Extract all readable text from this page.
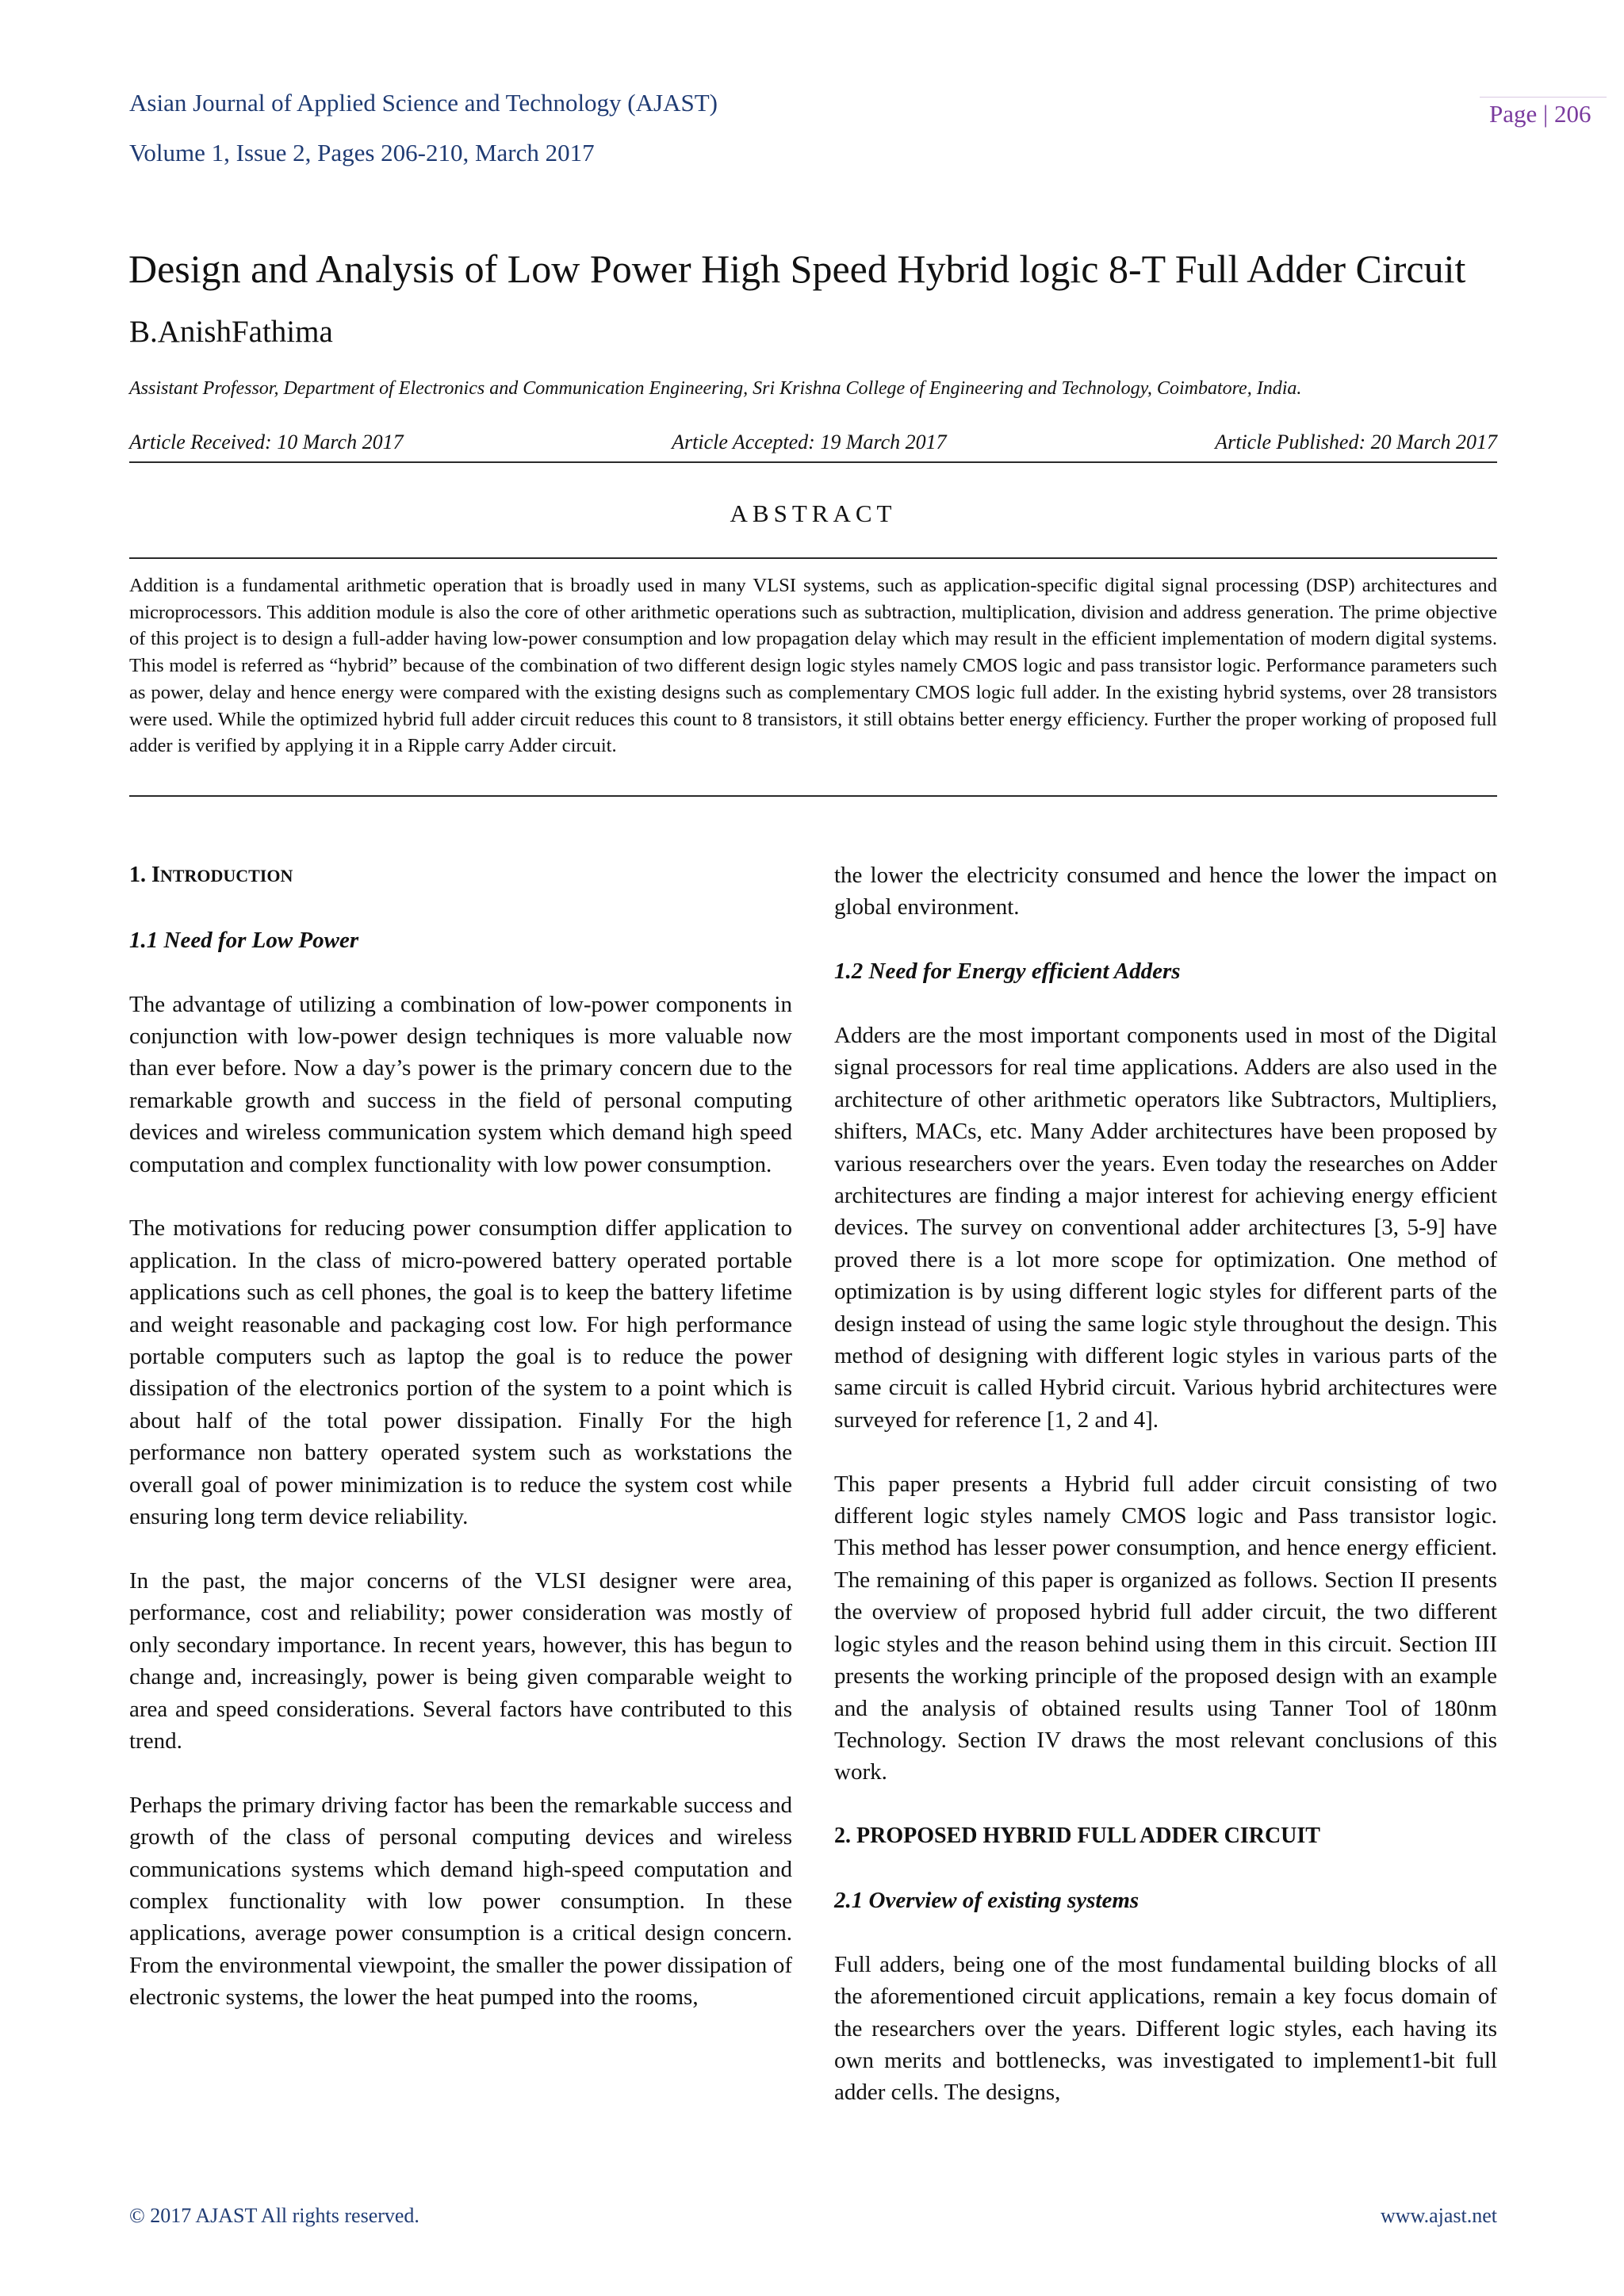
Asian Journal of Applied Science and Technology (AJAST)
Volume 1, Issue 2, Pages 206-210, March 2017
Page | 206
Design and Analysis of Low Power High Speed Hybrid logic 8-T Full Adder Circuit
B.AnishFathima
Assistant Professor, Department of Electronics and Communication Engineering, Sri Krishna College of Engineering and Technology, Coimbatore, India.
Article Received: 10 March 2017	Article Accepted: 19 March 2017	Article Published: 20 March 2017
ABSTRACT
Addition is a fundamental arithmetic operation that is broadly used in many VLSI systems, such as application-specific digital signal processing (DSP) architectures and microprocessors. This addition module is also the core of other arithmetic operations such as subtraction, multiplication, division and address generation. The prime objective of this project is to design a full-adder having low-power consumption and low propagation delay which may result in the efficient implementation of modern digital systems. This model is referred as “hybrid” because of the combination of two different design logic styles namely CMOS logic and pass transistor logic. Performance parameters such as power, delay and hence energy were compared with the existing designs such as complementary CMOS logic full adder. In the existing hybrid systems, over 28 transistors were used. While the optimized hybrid full adder circuit reduces this count to 8 transistors, it still obtains better energy efficiency. Further the proper working of proposed full adder is verified by applying it in a Ripple carry Adder circuit.

1. INTRODUCTION

1.1 Need for Low Power

The advantage of utilizing a combination of low-power components in conjunction with low-power design techniques is more valuable now than ever before. Now a day’s power is the primary concern due to the remarkable growth and success in the field of personal computing devices and wireless communication system which demand high speed computation and complex functionality with low power consumption.

The motivations for reducing power consumption differ application to application. In the class of micro-powered battery operated portable applications such as cell phones, the goal is to keep the battery lifetime and weight reasonable and packaging cost low. For high performance portable computers such as laptop the goal is to reduce the power dissipation of the electronics portion of the system to a point which is about half of the total power dissipation. Finally For the high performance non battery operated system such as workstations the overall goal of power minimization is to reduce the system cost while ensuring long term device reliability.

In the past, the major concerns of the VLSI designer were area, performance, cost and reliability; power consideration was mostly of only secondary importance. In recent years, however, this has begun to change and, increasingly, power is being given comparable weight to area and speed considerations. Several factors have contributed to this trend.

Perhaps the primary driving factor has been the remarkable success and growth of the class of personal computing devices and wireless communications systems which demand high-speed computation and complex functionality with low power consumption. In these applications, average power consumption is a critical design concern. From the environmental viewpoint, the smaller the power dissipation of electronic systems, the lower the heat pumped into the rooms,

the lower the electricity consumed and hence the lower the impact on global environment.

1.2 Need for Energy efficient Adders

Adders are the most important components used in most of the Digital signal processors for real time applications. Adders are also used in the architecture of other arithmetic operators like Subtractors, Multipliers, shifters, MACs, etc. Many Adder architectures have been proposed by various researchers over the years. Even today the researches on Adder architectures are finding a major interest for achieving energy efficient devices. The survey on conventional adder architectures [3, 5-9] have proved there is a lot more scope for optimization. One method of optimization is by using different logic styles for different parts of the design instead of using the same logic style throughout the design. This method of designing with different logic styles in various parts of the same circuit is called Hybrid circuit. Various hybrid architectures were surveyed for reference [1, 2 and 4].

This paper presents a Hybrid full adder circuit consisting of two different logic styles namely CMOS logic and Pass transistor logic. This method has lesser power consumption, and hence energy efficient. The remaining of this paper is organized as follows. Section II presents the overview of proposed hybrid full adder circuit, the two different logic styles and the reason behind using them in this circuit. Section III presents the working principle of the proposed design with an example and the analysis of obtained results using Tanner Tool of 180nm Technology. Section IV draws the most relevant conclusions of this work.

2. PROPOSED HYBRID FULL ADDER CIRCUIT

2.1 Overview of existing systems

Full adders, being one of the most fundamental building blocks of all the aforementioned circuit applications, remain a key focus domain of the researchers over the years. Different logic styles, each having its own merits and bottlenecks, was investigated to implement1-bit full adder cells. The designs,

© 2017 AJAST All rights reserved.	www.ajast.net
